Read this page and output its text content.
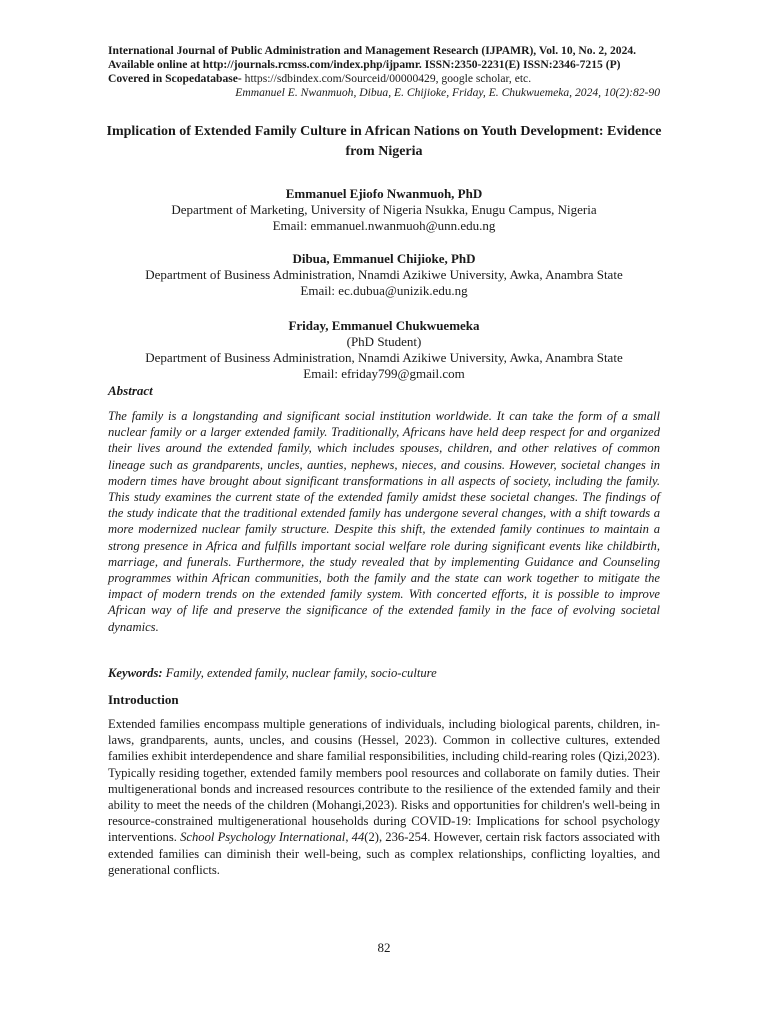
International Journal of Public Administration and Management Research (IJPAMR), Vol. 10, No. 2, 2024.
Available online at http://journals.rcmss.com/index.php/ijpamr. ISSN:2350-2231(E) ISSN:2346-7215 (P) Covered in Scopedatabase- https://sdbindex.com/Sourceid/00000429, google scholar, etc.
Emmanuel E. Nwanmuoh, Dibua, E. Chijioke, Friday, E. Chukwuemeka, 2024, 10(2):82-90
Implication of Extended Family Culture in African Nations on Youth Development: Evidence from Nigeria
Emmanuel Ejiofo Nwanmuoh, PhD
Department of Marketing, University of Nigeria Nsukka, Enugu Campus, Nigeria
Email: emmanuel.nwanmuoh@unn.edu.ng
Dibua, Emmanuel Chijioke, PhD
Department of Business Administration, Nnamdi Azikiwe University, Awka, Anambra State
Email: ec.dubua@unizik.edu.ng
Friday, Emmanuel Chukwuemeka
(PhD Student)
Department of Business Administration, Nnamdi Azikiwe University, Awka, Anambra State
Email: efriday799@gmail.com
Abstract

The family is a longstanding and significant social institution worldwide. It can take the form of a small nuclear family or a larger extended family. Traditionally, Africans have held deep respect for and organized their lives around the extended family, which includes spouses, children, and other relatives of common lineage such as grandparents, uncles, aunties, nephews, nieces, and cousins. However, societal changes in modern times have brought about significant transformations in all aspects of society, including the family. This study examines the current state of the extended family amidst these societal changes. The findings of the study indicate that the traditional extended family has undergone several changes, with a shift towards a more modernized nuclear family structure. Despite this shift, the extended family continues to maintain a strong presence in Africa and fulfills important social welfare role during significant events like childbirth, marriage, and funerals. Furthermore, the study revealed that by implementing Guidance and Counseling programmes within African communities, both the family and the state can work together to mitigate the impact of modern trends on the extended family system. With concerted efforts, it is possible to improve African way of life and preserve the significance of the extended family in the face of evolving societal dynamics.

Keywords: Family, extended family, nuclear family, socio-culture

Introduction

Extended families encompass multiple generations of individuals, including biological parents, children, in-laws, grandparents, aunts, uncles, and cousins (Hessel, 2023). Common in collective cultures, extended families exhibit interdependence and share familial responsibilities, including child-rearing roles (Qizi,2023). Typically residing together, extended family members pool resources and collaborate on family duties. Their multigenerational bonds and increased resources contribute to the resilience of the extended family and their ability to meet the needs of the children (Mohangi,2023). Risks and opportunities for children's well-being in resource-constrained multigenerational households during COVID-19: Implications for school psychology interventions. School Psychology International, 44(2), 236-254. However, certain risk factors associated with extended families can diminish their well-being, such as complex relationships, conflicting loyalties, and generational conflicts.

82
